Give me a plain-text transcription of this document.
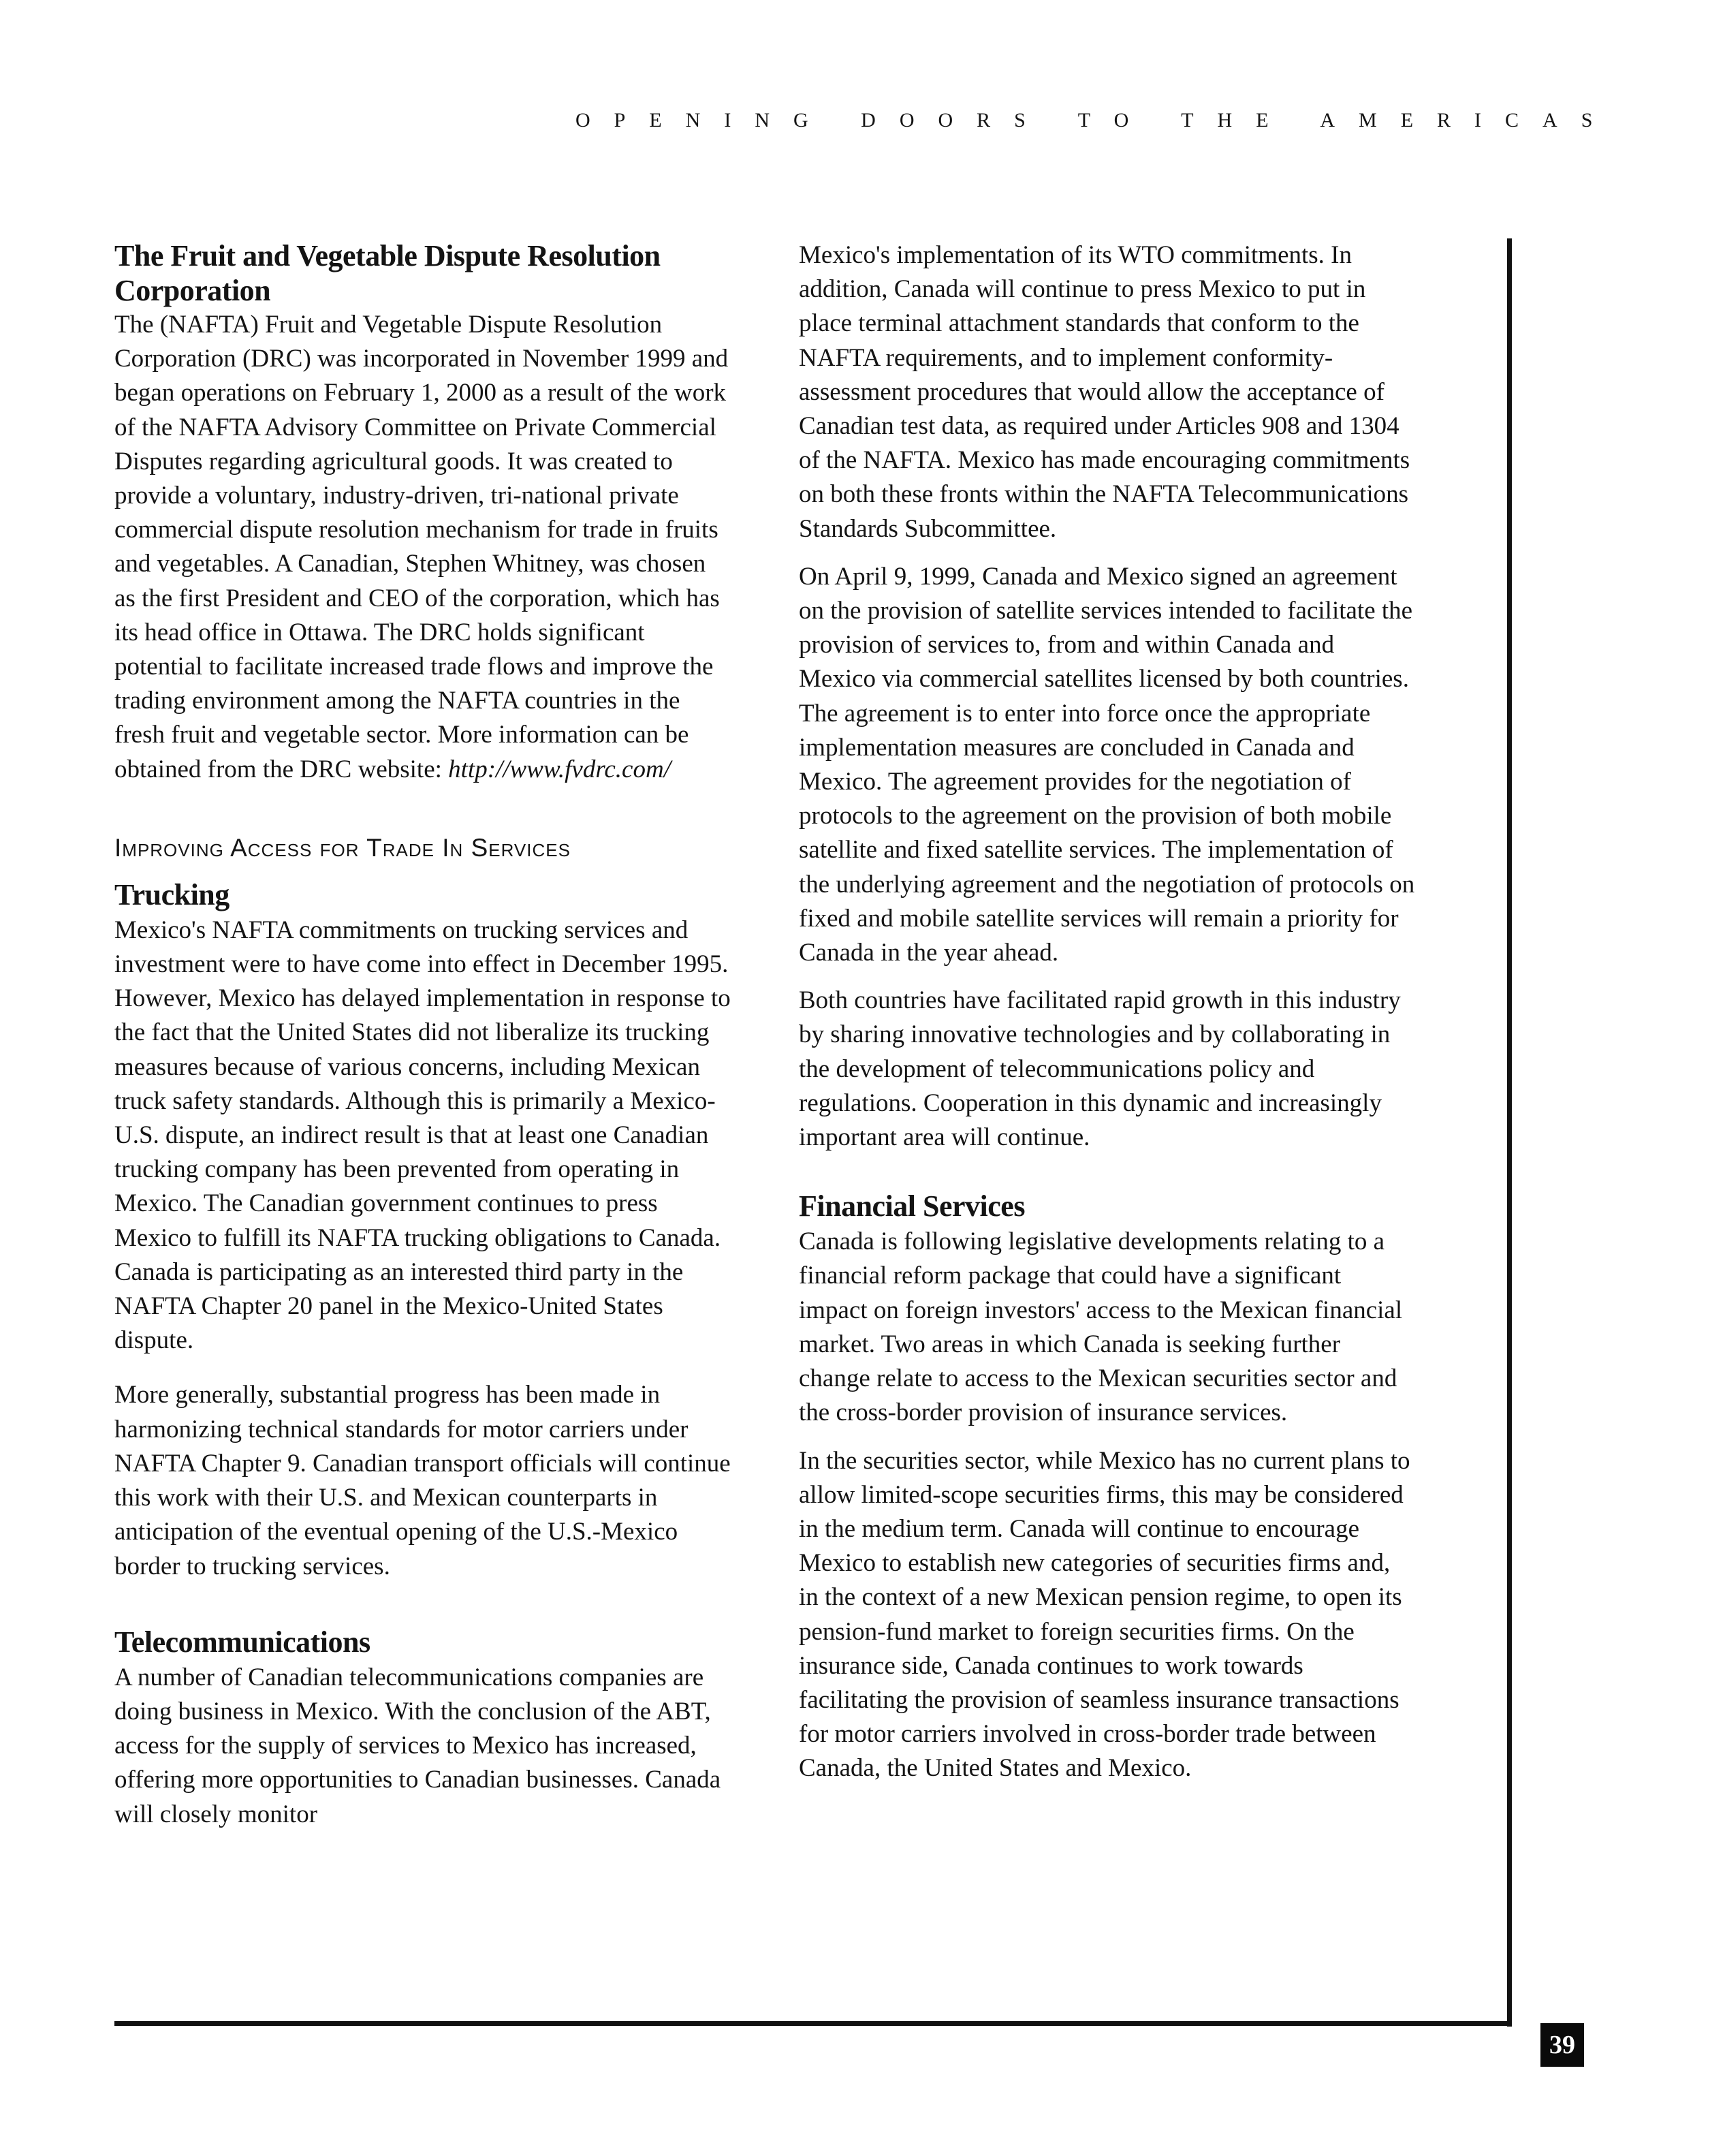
OPENING DOORS TO THE AMERICAS
The Fruit and Vegetable Dispute Resolution Corporation

The (NAFTA) Fruit and Vegetable Dispute Resolution Corporation (DRC) was incorporated in November 1999 and began operations on February 1, 2000 as a result of the work of the NAFTA Advisory Committee on Private Commercial Disputes regarding agricultural goods. It was created to provide a voluntary, industry-driven, tri-national private commercial dispute resolution mechanism for trade in fruits and vegetables. A Canadian, Stephen Whitney, was chosen as the first President and CEO of the corporation, which has its head office in Ottawa. The DRC holds significant potential to facilitate increased trade flows and improve the trading environment among the NAFTA countries in the fresh fruit and vegetable sector. More information can be obtained from the DRC website: http://www.fvdrc.com/

Improving Access for Trade In Services
Trucking

Mexico's NAFTA commitments on trucking services and investment were to have come into effect in December 1995. However, Mexico has delayed implementation in response to the fact that the United States did not liberalize its trucking measures because of various concerns, including Mexican truck safety standards. Although this is primarily a Mexico-U.S. dispute, an indirect result is that at least one Canadian trucking company has been prevented from operating in Mexico. The Canadian government continues to press Mexico to fulfill its NAFTA trucking obligations to Canada. Canada is participating as an interested third party in the NAFTA Chapter 20 panel in the Mexico-United States dispute.

More generally, substantial progress has been made in harmonizing technical standards for motor carriers under NAFTA Chapter 9. Canadian transport officials will continue this work with their U.S. and Mexican counterparts in anticipation of the eventual opening of the U.S.-Mexico border to trucking services.

Telecommunications

A number of Canadian telecommunications companies are doing business in Mexico. With the conclusion of the ABT, access for the supply of services to Mexico has increased, offering more opportunities to Canadian businesses. Canada will closely monitor

Mexico's implementation of its WTO commitments. In addition, Canada will continue to press Mexico to put in place terminal attachment standards that conform to the NAFTA requirements, and to implement conformity-assessment procedures that would allow the acceptance of Canadian test data, as required under Articles 908 and 1304 of the NAFTA. Mexico has made encouraging commitments on both these fronts within the NAFTA Telecommunications Standards Subcommittee.

On April 9, 1999, Canada and Mexico signed an agreement on the provision of satellite services intended to facilitate the provision of services to, from and within Canada and Mexico via commercial satellites licensed by both countries. The agreement is to enter into force once the appropriate implementation measures are concluded in Canada and Mexico. The agreement provides for the negotiation of protocols to the agreement on the provision of both mobile satellite and fixed satellite services. The implementation of the underlying agreement and the negotiation of protocols on fixed and mobile satellite services will remain a priority for Canada in the year ahead.

Both countries have facilitated rapid growth in this industry by sharing innovative technologies and by collaborating in the development of telecommunications policy and regulations. Cooperation in this dynamic and increasingly important area will continue.

Financial Services

Canada is following legislative developments relating to a financial reform package that could have a significant impact on foreign investors' access to the Mexican financial market. Two areas in which Canada is seeking further change relate to access to the Mexican securities sector and the cross-border provision of insurance services.

In the securities sector, while Mexico has no current plans to allow limited-scope securities firms, this may be considered in the medium term. Canada will continue to encourage Mexico to establish new categories of securities firms and, in the context of a new Mexican pension regime, to open its pension-fund market to foreign securities firms. On the insurance side, Canada continues to work towards facilitating the provision of seamless insurance transactions for motor carriers involved in cross-border trade between Canada, the United States and Mexico.

39
